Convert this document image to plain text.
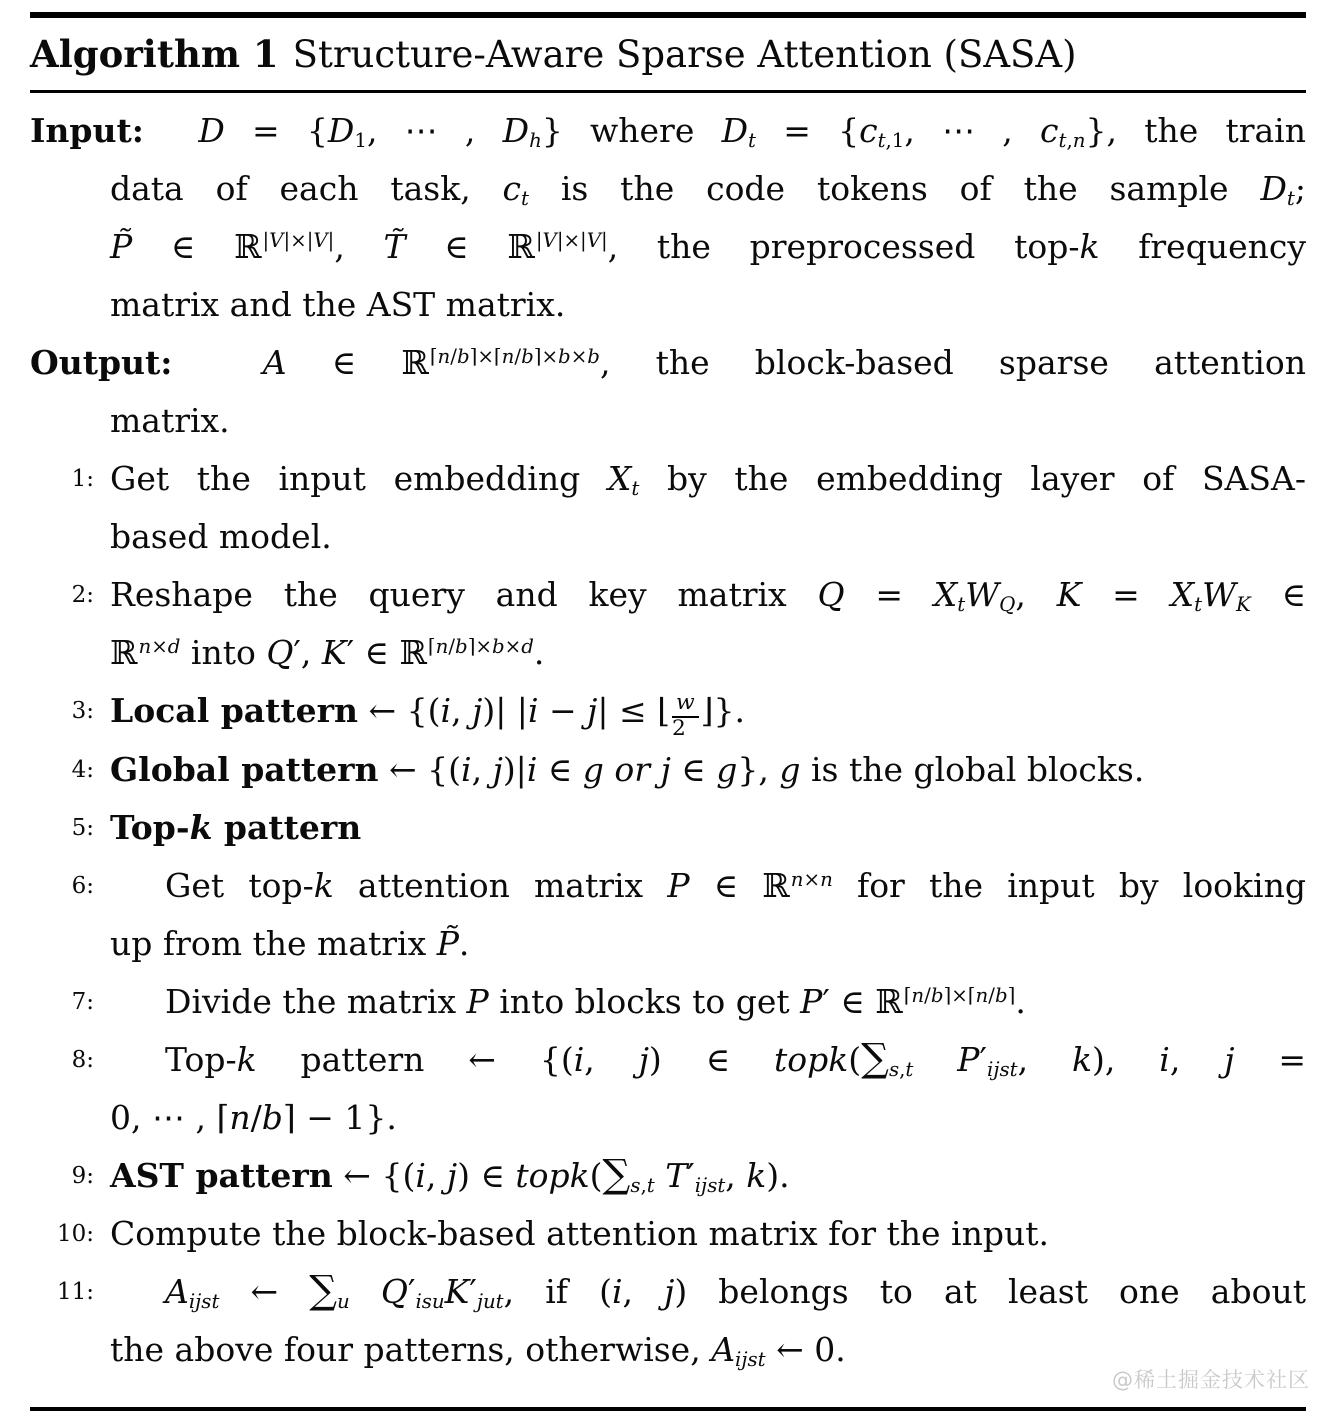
Algorithm 1 Structure-Aware Sparse Attention (SASA)
Input: $D = \{D_1$, ⋯ , $D_h$} where $D_t = \{c_{t,1}$, ⋯ , $c_{t,n}$}, the train
data of each task, $c_t$ is the code tokens of the sample $D_t$;
P̃ ∈ ℝ$^{|V|\times|V|}$, T̃ ∈ ℝ$^{|V|\times|V|}$, the preprocessed top-k frequency
matrix and the AST matrix.
Output:	A ∈ ℝ$^{⌈n/b⌉\times⌈n/b⌉\times b\times b}$, the block-based sparse attention
matrix.
1: Get the input embedding $X_t$ by the embedding layer of SASA-
based model.
2: Reshape the query and key matrix $Q = X_tW_Q$, $K = X_tW_K$ ∈
ℝ$^{n\times d}$ into Q′, K′ ∈ ℝ$^{⌈n/b⌉\times b\times d}$.
3: Local pattern ← {(i, j)| |i − j| ≤ ⌊ $\frac{w}{2}$ ⌋}.
4: Global pattern ← {(i, j)|i ∈ g or j ∈ g}, g is the global blocks.
5: Top-k pattern
6:	Get top-k attention matrix P ∈ ℝ$^{n\times n}$ for the input by looking
up from the matrix P̃.
7:	Divide the matrix P into blocks to get P′ ∈ ℝ$^{⌈n/b⌉\times⌈n/b⌉}$.
8:	Top-k pattern ← {(i, j) ∈ $topk(\sum_{s,t}$ $P'_{ijst}$, k), i, j =
0, ⋯ , ⌈n/b⌉ − 1}.
9: AST pattern ← {(i, j) ∈ $topk(\sum_{s,t}$ $T'_{ijst}$, k).
10: Compute the block-based attention matrix for the input.
11:	$A_{ijst}$ ← $\sum_u$ $Q'_{isu}K'_{jut}$, if (i, j) belongs to at least one about
the above four patterns, otherwise, $A_{ijst}$ ← 0.
@稀土掘金技术社区
